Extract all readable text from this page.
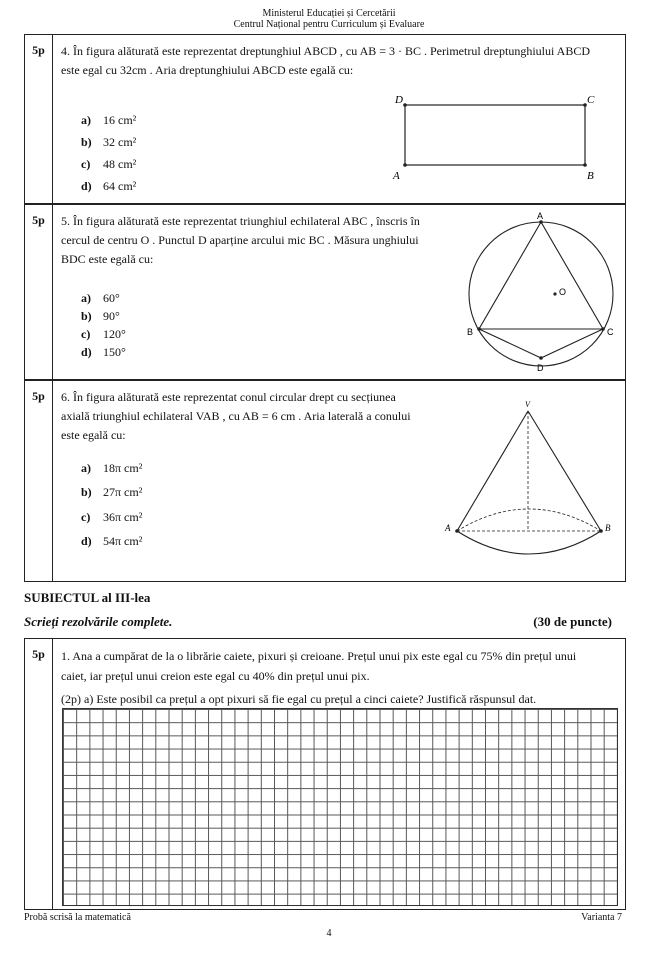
Ministerul Educației și Cercetării
Centrul Național pentru Curriculum și Evaluare
5p	4. În figura alăturată este reprezentat dreptunghiul ABCD , cu AB = 3 · BC . Perimetrul dreptunghiului ABCD
este egal cu 32cm . Aria dreptunghiului ABCD este egală cu:
a) 16 cm²
b) 32 cm²
c) 48 cm²
d) 64 cm²
D	C
A	B
5p	5. În figura alăturată este reprezentat triunghiul echilateral ABC , înscris în
cercul de centru O . Punctul D aparține arcului mic BC . Măsura unghiului
BDC este egală cu:
a) 60°
b) 90°
c) 120°
d) 150°
A
O
B	C
D
5p	6. În figura alăturată este reprezentat conul circular drept cu secțiunea
axială triunghiul echilateral VAB , cu AB = 6 cm . Aria laterală a conului
este egală cu:
a) 18π cm²
b) 27π cm²
c) 36π cm²
d) 54π cm²
V
A	B
SUBIECTUL al III-lea
Scrieți rezolvările complete.	(30 de puncte)
5p	1. Ana a cumpărat de la o librărie caiete, pixuri și creioane. Prețul unui pix este egal cu 75% din prețul unui
caiet, iar prețul unui creion este egal cu 40% din prețul unui pix.
(2p) a) Este posibil ca prețul a opt pixuri să fie egal cu prețul a cinci caiete? Justifică răspunsul dat.
Probă scrisă la matematică	Varianta 7
4
